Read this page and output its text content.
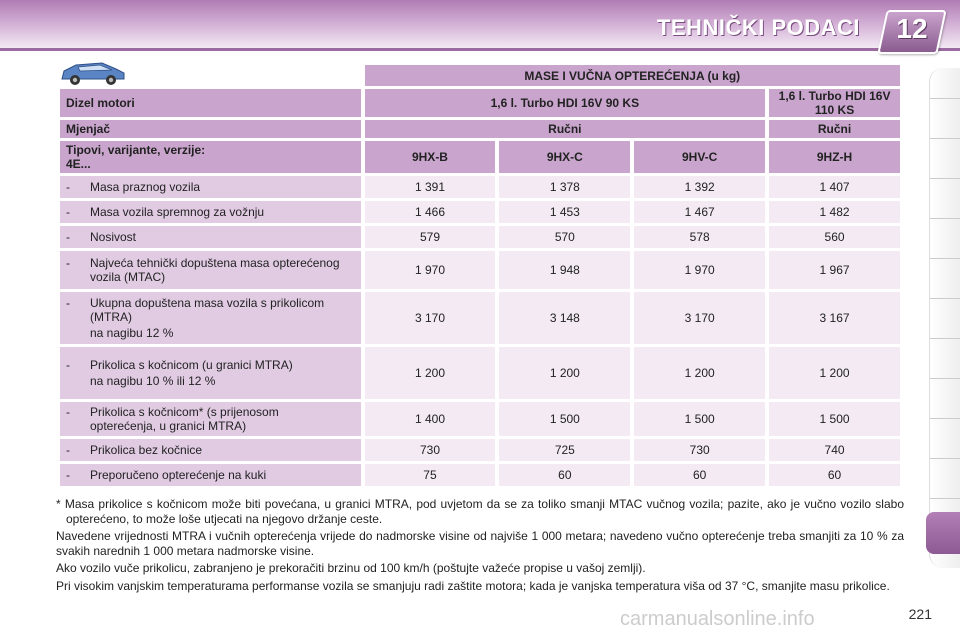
TEHNIČKI PODACI	12
	MASE I VUČNA OPTEREĆENJA (u kg)			
Dizel motori	1,6 l. Turbo HDI 16V 90 KS			1,6 l. Turbo HDI 16V 110 KS
Mjenjač	Ručni			Ručni

Tipovi, varijante, verzije:
4E...	9HX-B	9HX-C	9HV-C	9HZ-H
- Masa praznog vozila	1 391	1 378	1 392	1 407
- Masa vozila spremnog za vožnju	1 466	1 453	1 467	1 482
- Nosivost	579	570	578	560
- Najveća tehnički dopuštena masa opterećenog vozila (MTAC)	1 970	1 948	1 970	1 967
- Ukupna dopuštena masa vozila s prikolicom (MTRA)
na nagibu 12 %	3 170	3 148	3 170	3 167
- Prikolica s kočnicom (u granici MTRA)
na nagibu 10 % ili 12 %	1 200	1 200	1 200	1 200
- Prikolica s kočnicom* (s prijenosom opterećenja, u granici MTRA)	1 400	1 500	1 500	1 500
- Prikolica bez kočnice	730	725	730	740
- Preporučeno opterećenje na kuki	75	60	60	60

* Masa prikolice s kočnicom može biti povećana, u granici MTRA, pod uvjetom da se za toliko smanji MTAC vučnog vozila; pazite, ako je vučno vozilo slabo opterećeno, to može loše utjecati na njegovo držanje ceste.

Navedene vrijednosti MTRA i vučnih opterećenja vrijede do nadmorske visine od najviše 1 000 metara; navedeno vučno opterećenje treba smanjiti za 10 % za svakih narednih 1 000 metara nadmorske visine.

Ako vozilo vuče prikolicu, zabranjeno je prekoračiti brzinu od 100 km/h (poštujte važeće propise u vašoj zemlji).

Pri visokim vanjskim temperaturama performanse vozila se smanjuju radi zaštite motora; kada je vanjska temperatura viša od 37 °C, smanjite masu prikolice.

carmanualsonline.info	221
